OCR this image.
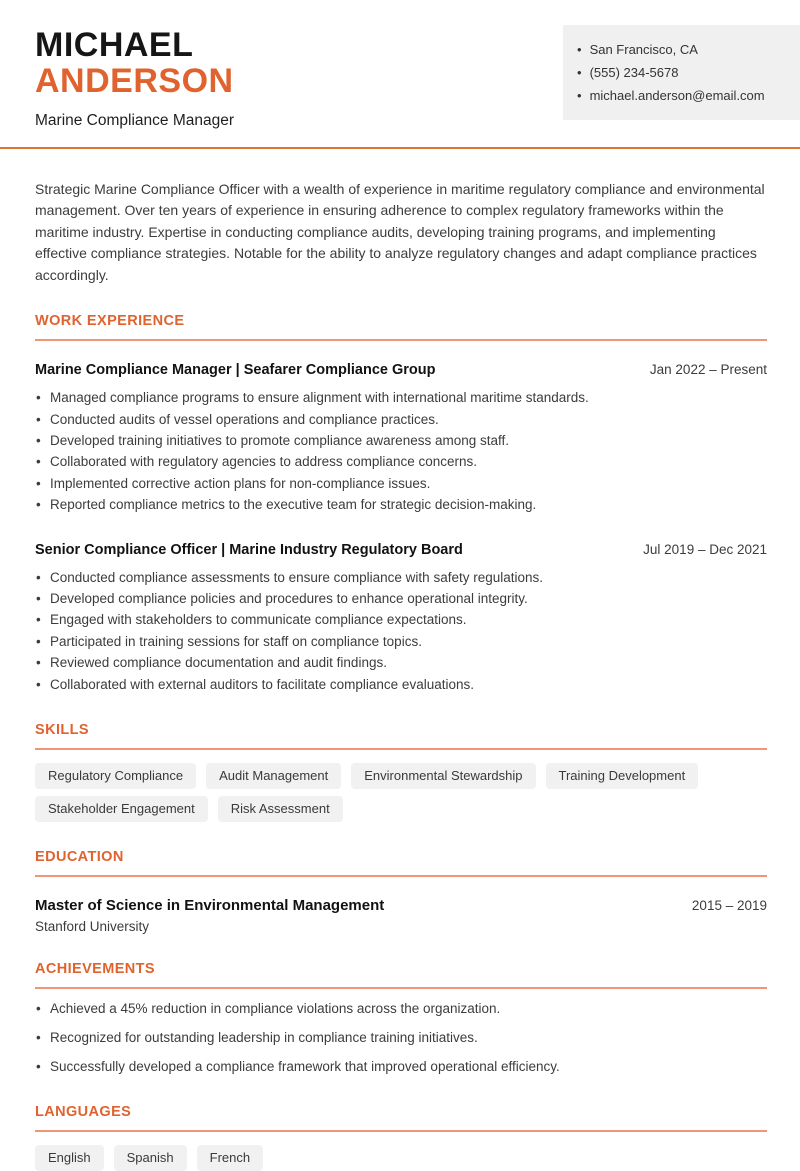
MICHAEL
ANDERSON
Marine Compliance Manager
• San Francisco, CA
• (555) 234-5678
• michael.anderson@email.com

Strategic Marine Compliance Officer with a wealth of experience in maritime regulatory compliance and environmental management. Over ten years of experience in ensuring adherence to complex regulatory frameworks within the maritime industry. Expertise in conducting compliance audits, developing training programs, and implementing effective compliance strategies. Notable for the ability to analyze regulatory changes and adapt compliance practices accordingly.

WORK EXPERIENCE
Marine Compliance Manager | Seafarer Compliance Group	Jan 2022 – Present
• Managed compliance programs to ensure alignment with international maritime standards.
• Conducted audits of vessel operations and compliance practices.
• Developed training initiatives to promote compliance awareness among staff.
• Collaborated with regulatory agencies to address compliance concerns.
• Implemented corrective action plans for non-compliance issues.
• Reported compliance metrics to the executive team for strategic decision-making.
Senior Compliance Officer | Marine Industry Regulatory Board	Jul 2019 – Dec 2021
• Conducted compliance assessments to ensure compliance with safety regulations.
• Developed compliance policies and procedures to enhance operational integrity.
• Engaged with stakeholders to communicate compliance expectations.
• Participated in training sessions for staff on compliance topics.
• Reviewed compliance documentation and audit findings.
• Collaborated with external auditors to facilitate compliance evaluations.
SKILLS
Regulatory Compliance	Audit Management	Environmental Stewardship	Training Development
Stakeholder Engagement	Risk Assessment
EDUCATION
Master of Science in Environmental Management	2015 – 2019
Stanford University
ACHIEVEMENTS
• Achieved a 45% reduction in compliance violations across the organization.
• Recognized for outstanding leadership in compliance training initiatives.
• Successfully developed a compliance framework that improved operational efficiency.
LANGUAGES
English	Spanish	French
